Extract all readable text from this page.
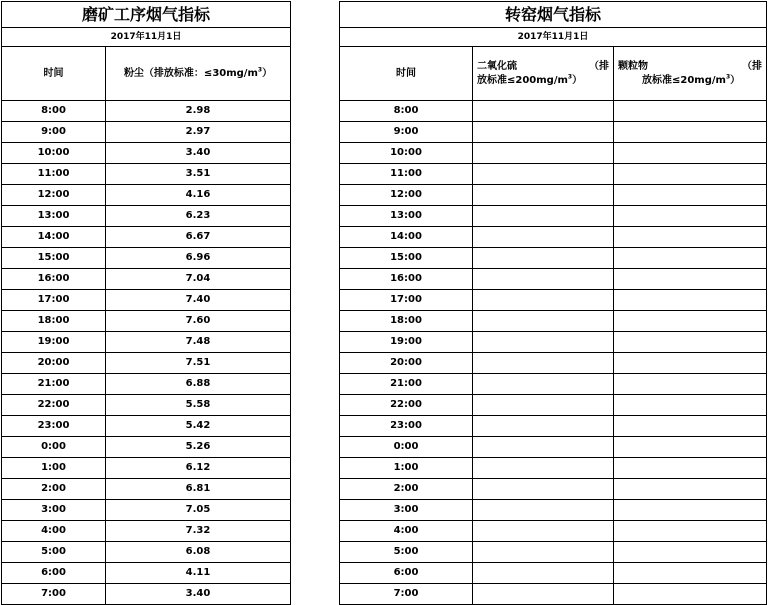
磨矿工序烟气指标	
2017年11月1日	
时间	粉尘（排放标准：$\le 30mg/m^3$）
8:00	2.98
9:00	2.97
10:00	3.40
11:00	3.51
12:00	4.16
13:00	6.23
14:00	6.67
15:00	6.96
16:00	7.04
17:00	7.40
18:00	7.60
19:00	7.48
20:00	7.51
21:00	6.88
22:00	5.58
23:00	5.42
0:00	5.26
1:00	6.12
2:00	6.81
3:00	7.05
4:00	7.32
5:00	6.08
6:00	4.11
7:00	3.40
转窑烟气指标		
2017年11月1日		
时间	二氧化硫 （排
放标准$\le 200mg/m^3$）	颗粒物 （排
放标准$\le 20mg/m^3$）

8:00		
9:00		
10:00		
11:00		
12:00		
13:00		
14:00		
15:00		
16:00		
17:00		
18:00		
19:00		
20:00		
21:00		
22:00		
23:00		
0:00		
1:00		
2:00		
3:00		
4:00		
5:00		
6:00		
7:00		
